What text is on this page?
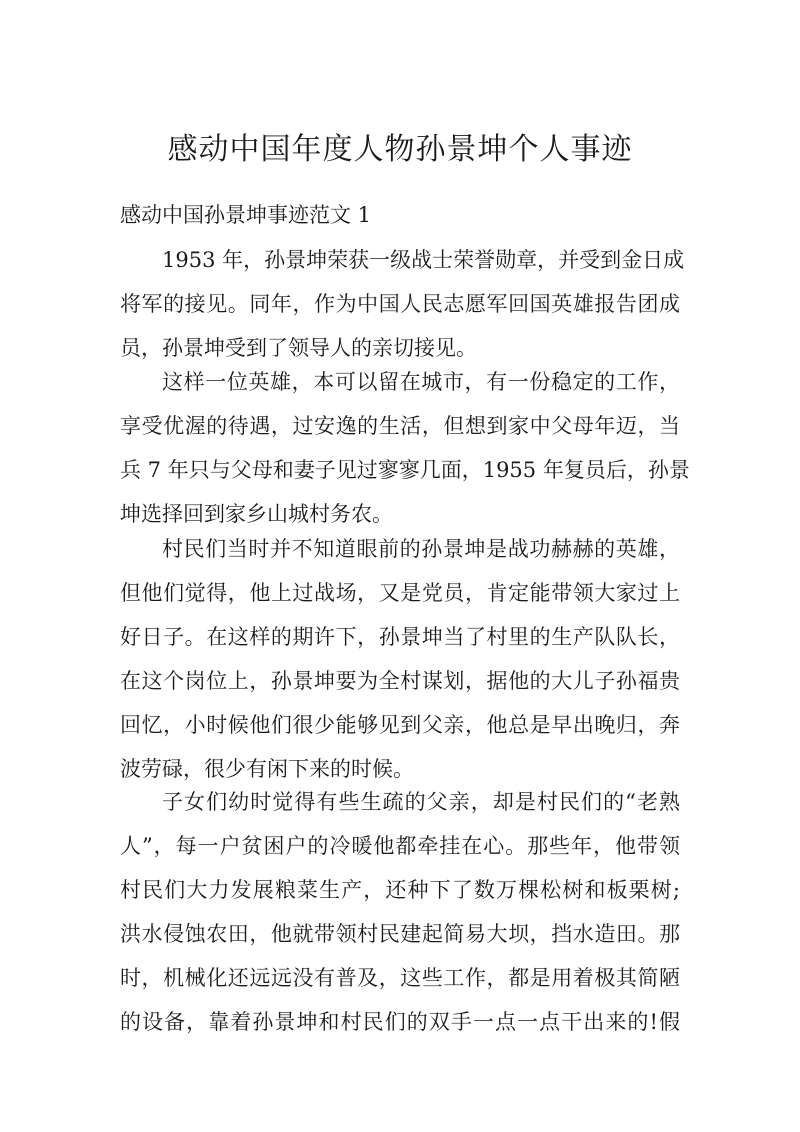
感动中国年度人物孙景坤个人事迹

感动中国孙景坤事迹范文 1

1953 年，孙景坤荣获一级战士荣誉勋章，并受到金日成
将军的接见。同年，作为中国人民志愿军回国英雄报告团成
员，孙景坤受到了领导人的亲切接见。
这样一位英雄，本可以留在城市，有一份稳定的工作，
享受优渥的待遇，过安逸的生活，但想到家中父母年迈，当
兵 7 年只与父母和妻子见过寥寥几面，1955 年复员后，孙景
坤选择回到家乡山城村务农。
村民们当时并不知道眼前的孙景坤是战功赫赫的英雄，
但他们觉得，他上过战场，又是党员，肯定能带领大家过上
好日子。在这样的期许下，孙景坤当了村里的生产队队长，
在这个岗位上，孙景坤要为全村谋划，据他的大儿子孙福贵
回忆，小时候他们很少能够见到父亲，他总是早出晚归，奔
波劳碌，很少有闲下来的时候。
子女们幼时觉得有些生疏的父亲，却是村民们的“老熟
人”，每一户贫困户的冷暖他都牵挂在心。那些年，他带领
村民们大力发展粮菜生产，还种下了数万棵松树和板栗树;
洪水侵蚀农田，他就带领村民建起简易大坝，挡水造田。那
时，机械化还远远没有普及，这些工作，都是用着极其简陋
的设备，靠着孙景坤和村民们的双手一点一点干出来的!假
